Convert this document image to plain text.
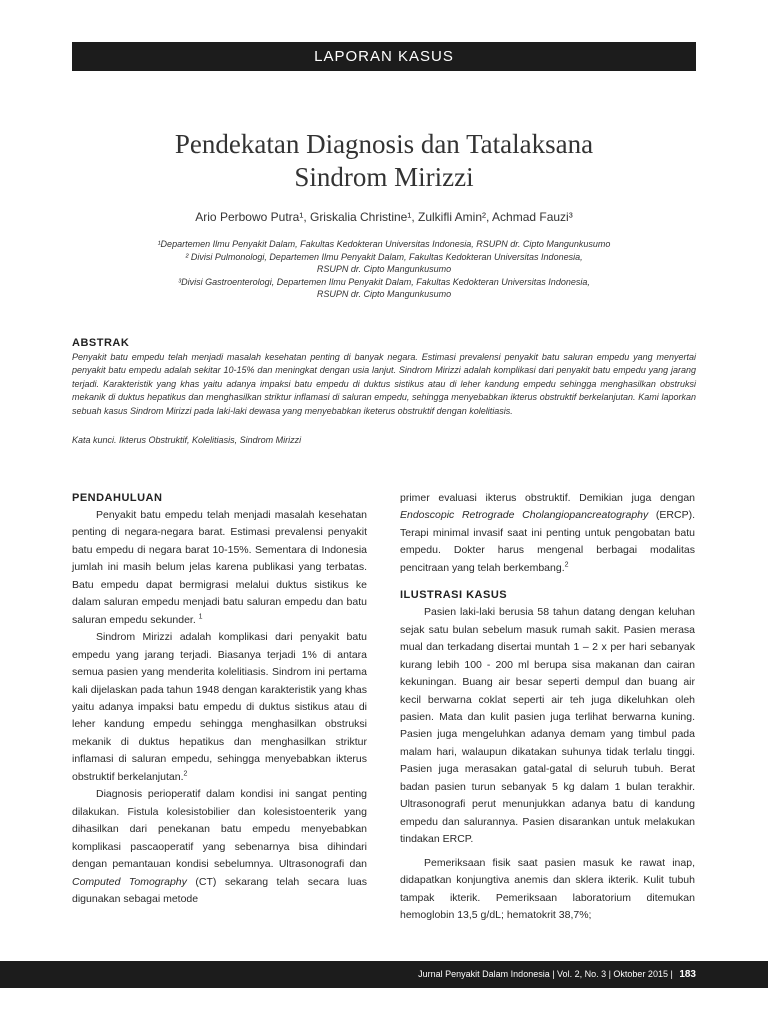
LAPORAN KASUS
Pendekatan Diagnosis dan Tatalaksana
Sindrom Mirizzi
Ario Perbowo Putra¹, Griskalia Christine¹, Zulkifli Amin², Achmad Fauzi³
¹Departemen Ilmu Penyakit Dalam, Fakultas Kedokteran Universitas Indonesia, RSUPN dr. Cipto Mangunkusumo
² Divisi Pulmonologi, Departemen Ilmu Penyakit Dalam, Fakultas Kedokteran Universitas Indonesia,
RSUPN dr. Cipto Mangunkusumo
³Divisi Gastroenterologi, Departemen Ilmu Penyakit Dalam, Fakultas Kedokteran Universitas Indonesia,
RSUPN dr. Cipto Mangunkusumo
ABSTRAK
Penyakit batu empedu telah menjadi masalah kesehatan penting di banyak negara. Estimasi prevalensi penyakit batu saluran empedu yang menyertai penyakit batu empedu adalah sekitar 10-15% dan meningkat dengan usia lanjut. Sindrom Mirizzi adalah komplikasi dari penyakit batu empedu yang jarang terjadi. Karakteristik yang khas yaitu adanya impaksi batu empedu di duktus sistikus atau di leher kandung empedu sehingga menghasilkan obstruksi mekanik di duktus hepatikus dan menghasilkan striktur inflamasi di saluran empedu, sehingga menyebabkan ikterus obstruktif berkelanjutan. Kami laporkan sebuah kasus Sindrom Mirizzi pada laki-laki dewasa yang menyebabkan iketerus obstruktif dengan kolelitiasis.
Kata kunci. Ikterus Obstruktif, Kolelitiasis, Sindrom Mirizzi
PENDAHULUAN

Penyakit batu empedu telah menjadi masalah kesehatan penting di negara-negara barat. Estimasi prevalensi penyakit batu empedu di negara barat 10-15%. Sementara di Indonesia jumlah ini masih belum jelas karena publikasi yang terbatas. Batu empedu dapat bermigrasi melalui duktus sistikus ke dalam saluran empedu menjadi batu saluran empedu dan batu saluran empedu sekunder. $^1$

Sindrom Mirizzi adalah komplikasi dari penyakit batu empedu yang jarang terjadi. Biasanya terjadi 1% di antara semua pasien yang menderita kolelitiasis. Sindrom ini pertama kali dijelaskan pada tahun 1948 dengan karakteristik yang khas yaitu adanya impaksi batu empedu di duktus sistikus atau di leher kandung empedu sehingga menghasilkan obstruksi mekanik di duktus hepatikus dan menghasilkan striktur inflamasi di saluran empedu, sehingga menyebabkan ikterus obstruktif berkelanjutan.$^2$

Diagnosis perioperatif dalam kondisi ini sangat penting dilakukan. Fistula kolesistobilier dan kolesistoenterik yang dihasilkan dari penekanan batu empedu menyebabkan komplikasi pascaoperatif yang sebenarnya bisa dihindari dengan pemantauan kondisi sebelumnya. Ultrasonografi dan Computed Tomography (CT) sekarang telah secara luas digunakan sebagai metode

primer evaluasi ikterus obstruktif. Demikian juga dengan Endoscopic Retrograde Cholangiopancreatography (ERCP). Terapi minimal invasif saat ini penting untuk pengobatan batu empedu. Dokter harus mengenal berbagai modalitas pencitraan yang telah berkembang.$^2$

ILUSTRASI KASUS

Pasien laki-laki berusia 58 tahun datang dengan keluhan sejak satu bulan sebelum masuk rumah sakit. Pasien merasa mual dan terkadang disertai muntah 1 – 2 x per hari sebanyak kurang lebih 100 - 200 ml berupa sisa makanan dan cairan kekuningan. Buang air besar seperti dempul dan buang air kecil berwarna coklat seperti air teh juga dikeluhkan oleh pasien. Mata dan kulit pasien juga terlihat berwarna kuning. Pasien juga mengeluhkan adanya demam yang timbul pada malam hari, walaupun dikatakan suhunya tidak terlalu tinggi. Pasien juga merasakan gatal-gatal di seluruh tubuh. Berat badan pasien turun sebanyak 5 kg dalam 1 bulan terakhir. Ultrasonografi perut menunjukkan adanya batu di kandung empedu dan salurannya. Pasien disarankan untuk melakukan tindakan ERCP.

Pemeriksaan fisik saat pasien masuk ke rawat inap, didapatkan konjungtiva anemis dan sklera ikterik. Kulit tubuh tampak ikterik. Pemeriksaan laboratorium ditemukan hemoglobin 13,5 g/dL; hematokrit 38,7%;

Jurnal Penyakit Dalam Indonesia | Vol. 2, No. 3 | Oktober 2015 | 183
